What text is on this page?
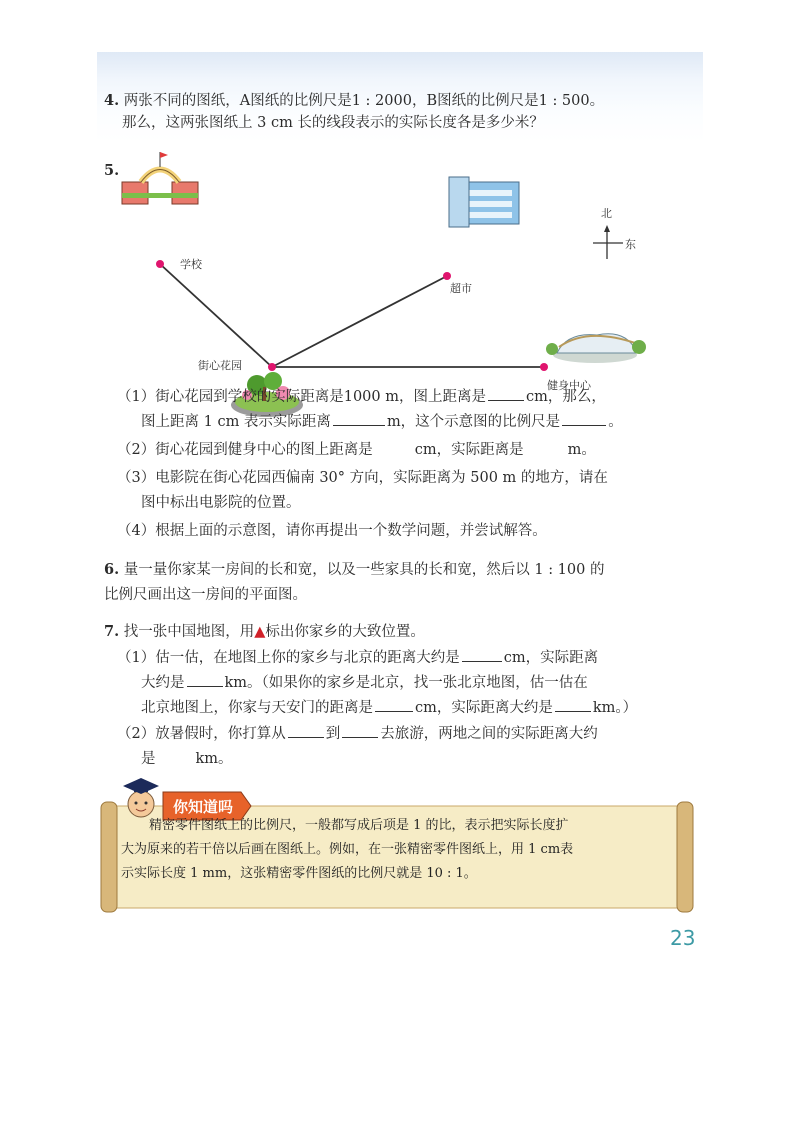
4. 两张不同的图纸，A图纸的比例尺是1 : 2000，B图纸的比例尺是1 : 500。
那么，这两张图纸上 3 cm 长的线段表示的实际长度各是多少米？
5.
学校
超市
街心花园
健身中心
北
东
（1）街心花园到学校的实际距离是1000 m，图上距离是	cm，那么，
图上距离 1 cm 表示实际距离	m，这个示意图的比例尺是	。
（2）街心花园到健身中心的图上距离是	cm，实际距离是	m。
（3）电影院在街心花园西偏南 30° 方向，实际距离为 500 m 的地方，请在
图中标出电影院的位置。
（4）根据上面的示意图，请你再提出一个数学问题，并尝试解答。
6. 量一量你家某一房间的长和宽，以及一些家具的长和宽，然后以 1 : 100 的
比例尺画出这一房间的平面图。
7. 找一张中国地图，用▲标出你家乡的大致位置。
（1）估一估，在地图上你的家乡与北京的距离大约是	cm，实际距离
大约是	km。（如果你的家乡是北京，找一张北京地图，估一估在
北京地图上，你家与天安门的距离是	cm，实际距离大约是	km。）
（2）放暑假时，你打算从	到	去旅游，两地之间的实际距离大约
是	km。
你知道吗
精密零件图纸上的比例尺，一般都写成后项是 1 的比，表示把实际长度扩
大为原来的若干倍以后画在图纸上。例如，在一张精密零件图纸上，用 1 cm表
示实际长度 1 mm，这张精密零件图纸的比例尺就是 10 : 1。
23
